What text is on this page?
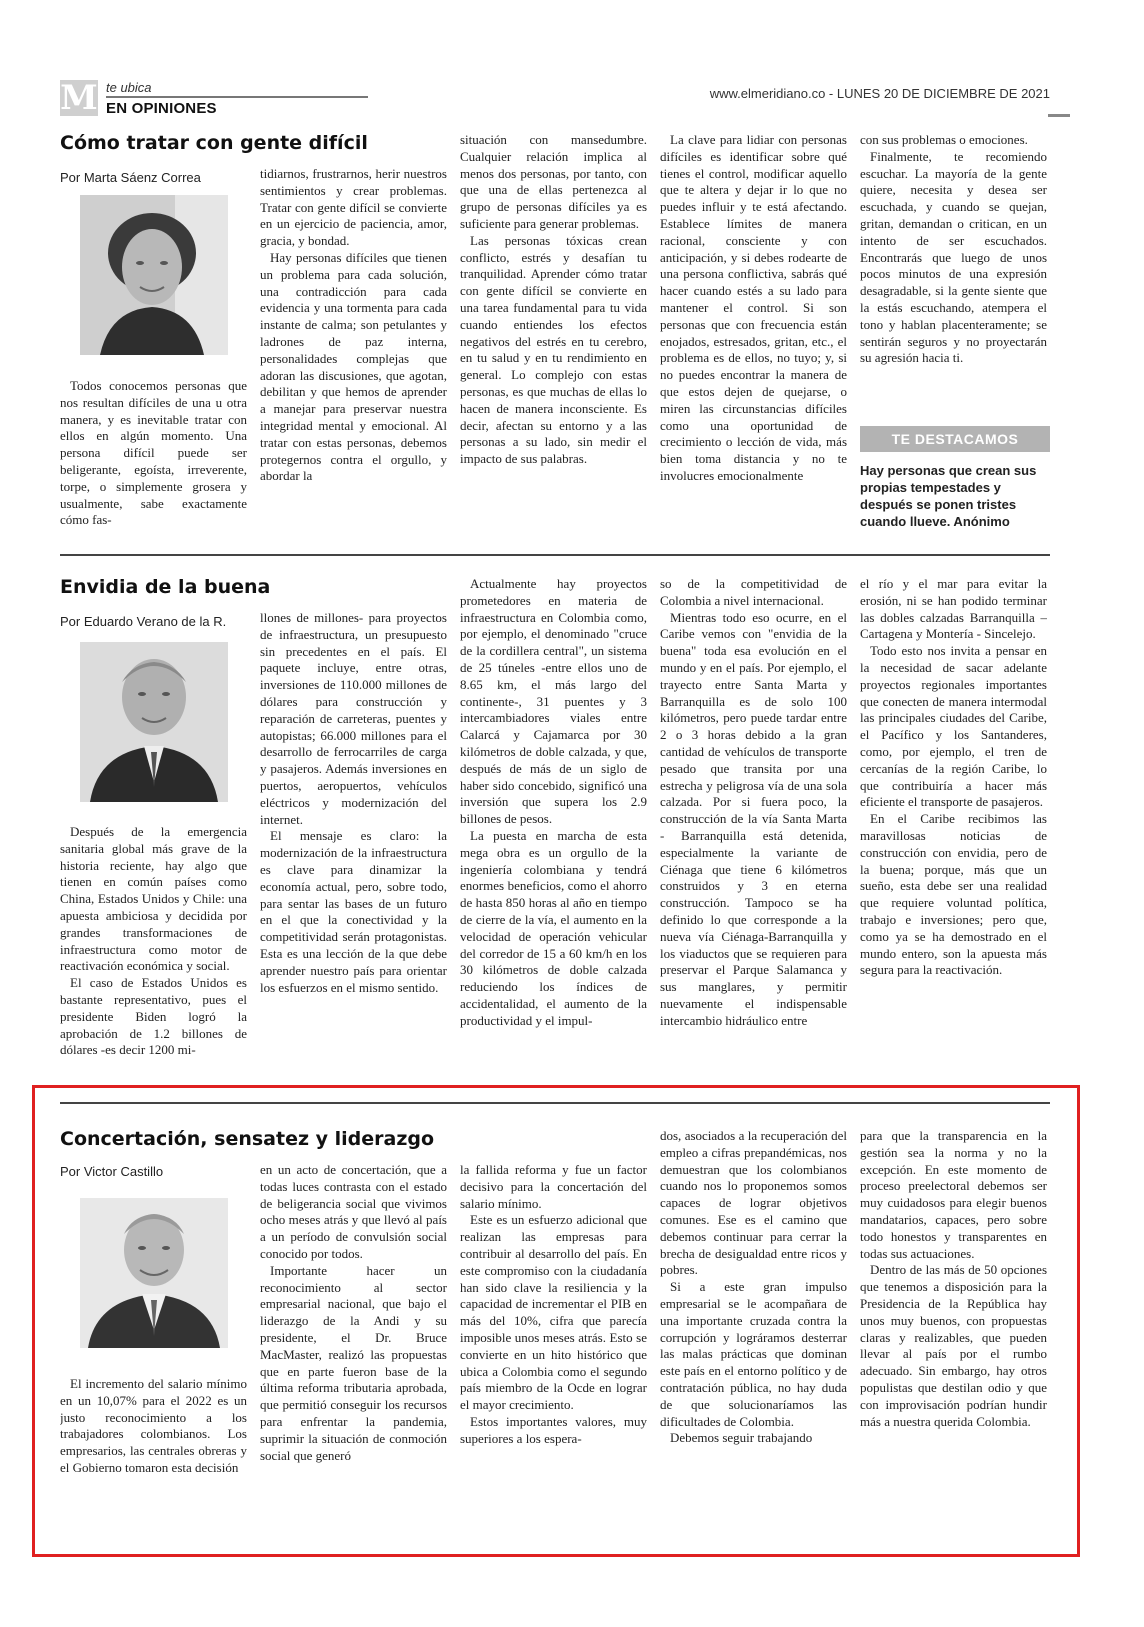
M te ubica
EN OPINIONES
www.elmeridiano.co - LUNES 20 DE DICIEMBRE DE 2021
Cómo tratar con gente difícil
Por Marta Sáenz Correa

Todos conocemos personas que nos resultan difíciles de una u otra manera, y es inevitable tratar con ellos en algún momento. Una persona difícil puede ser beligerante, egoísta, irreverente, torpe, o simplemente grosera y usualmente, sabe exactamente cómo fas-

tidiarnos, frustrarnos, herir nuestros sentimientos y crear problemas. Tratar con gente difícil se convierte en un ejercicio de paciencia, amor, gracia, y bondad.

Hay personas difíciles que tienen un problema para cada solución, una contradicción para cada evidencia y una tormenta para cada instante de calma; son petulantes y ladrones de paz interna, personalidades complejas que adoran las discusiones, que agotan, debilitan y que hemos de aprender a manejar para preservar nuestra integridad mental y emocional. Al tratar con estas personas, debemos protegernos contra el orgullo, y abordar la

situación con mansedumbre. Cualquier relación implica al menos dos personas, por tanto, con que una de ellas pertenezca al grupo de personas difíciles ya es suficiente para generar problemas.

Las personas tóxicas crean conflicto, estrés y desafían tu tranquilidad. Aprender cómo tratar con gente difícil se convierte en una tarea fundamental para tu vida cuando entiendes los efectos negativos del estrés en tu cerebro, en tu salud y en tu rendimiento en general. Lo complejo con estas personas, es que muchas de ellas lo hacen de manera inconsciente. Es decir, afectan su entorno y a las personas a su lado, sin medir el impacto de sus palabras.

La clave para lidiar con personas difíciles es identificar sobre qué tienes el control, modificar aquello que te altera y dejar ir lo que no puedes influir y te está afectando. Establece límites de manera racional, consciente y con anticipación, y si debes rodearte de una persona conflictiva, sabrás qué hacer cuando estés a su lado para mantener el control. Si son personas que con frecuencia están enojados, estresados, gritan, etc., el problema es de ellos, no tuyo; y, si no puedes encontrar la manera de que estos dejen de quejarse, o miren las circunstancias difíciles como una oportunidad de crecimiento o lección de vida, más bien toma distancia y no te involucres emocionalmente

con sus problemas o emociones.

Finalmente, te recomiendo escuchar. La mayoría de la gente quiere, necesita y desea ser escuchada, y cuando se quejan, gritan, demandan o critican, en un intento de ser escuchados. Encontrarás que luego de unos pocos minutos de una expresión desagradable, si la gente siente que la estás escuchando, atempera el tono y hablan placenteramente; se sentirán seguros y no proyectarán su agresión hacia ti.

TE DESTACAMOS
Hay personas que crean sus propias tempestades y después se ponen tristes cuando llueve. Anónimo
Envidia de la buena
Por Eduardo Verano de la R.

Después de la emergencia sanitaria global más grave de la historia reciente, hay algo que tienen en común países como China, Estados Unidos y Chile: una apuesta ambiciosa y decidida por grandes transformaciones de infraestructura como motor de reactivación económica y social.

El caso de Estados Unidos es bastante representativo, pues el presidente Biden logró la aprobación de 1.2 billones de dólares -es decir 1200 mi-

llones de millones- para proyectos de infraestructura, un presupuesto sin precedentes en el país. El paquete incluye, entre otras, inversiones de 110.000 millones de dólares para construcción y reparación de carreteras, puentes y autopistas; 66.000 millones para el desarrollo de ferrocarriles de carga y pasajeros. Además inversiones en puertos, aeropuertos, vehículos eléctricos y modernización del internet.

El mensaje es claro: la modernización de la infraestructura es clave para dinamizar la economía actual, pero, sobre todo, para sentar las bases de un futuro en el que la conectividad y la competitividad serán protagonistas. Esta es una lección de la que debe aprender nuestro país para orientar los esfuerzos en el mismo sentido.

Actualmente hay proyectos prometedores en materia de infraestructura en Colombia como, por ejemplo, el denominado "cruce de la cordillera central", un sistema de 25 túneles -entre ellos uno de 8.65 km, el más largo del continente-, 31 puentes y 3 intercambiadores viales entre Calarcá y Cajamarca por 30 kilómetros de doble calzada, y que, después de más de un siglo de haber sido concebido, significó una inversión que supera los 2.9 billones de pesos.

La puesta en marcha de esta mega obra es un orgullo de la ingeniería colombiana y tendrá enormes beneficios, como el ahorro de hasta 850 horas al año en tiempo de cierre de la vía, el aumento en la velocidad de operación vehicular del corredor de 15 a 60 km/h en los 30 kilómetros de doble calzada reduciendo los índices de accidentalidad, el aumento de la productividad y el impul-

so de la competitividad de Colombia a nivel internacional.

Mientras todo eso ocurre, en el Caribe vemos con "envidia de la buena" toda esa evolución en el mundo y en el país. Por ejemplo, el trayecto entre Santa Marta y Barranquilla es de solo 100 kilómetros, pero puede tardar entre 2 o 3 horas debido a la gran cantidad de vehículos de transporte pesado que transita por una estrecha y peligrosa vía de una sola calzada. Por si fuera poco, la construcción de la vía Santa Marta - Barranquilla está detenida, especialmente la variante de Ciénaga que tiene 6 kilómetros construidos y 3 en eterna construcción. Tampoco se ha definido lo que corresponde a la nueva vía Ciénaga-Barranquilla y los viaductos que se requieren para preservar el Parque Salamanca y sus manglares, y permitir nuevamente el indispensable intercambio hidráulico entre

el río y el mar para evitar la erosión, ni se han podido terminar las dobles calzadas Barranquilla – Cartagena y Montería - Sincelejo.

Todo esto nos invita a pensar en la necesidad de sacar adelante proyectos regionales importantes que conecten de manera intermodal las principales ciudades del Caribe, el Pacífico y los Santanderes, como, por ejemplo, el tren de cercanías de la región Caribe, lo que contribuiría a hacer más eficiente el transporte de pasajeros.

En el Caribe recibimos las maravillosas noticias de construcción con envidia, pero de la buena; porque, más que un sueño, esta debe ser una realidad que requiere voluntad política, trabajo e inversiones; pero que, como ya se ha demostrado en el mundo entero, son la apuesta más segura para la reactivación.

Concertación, sensatez y liderazgo
Por Victor Castillo

El incremento del salario mínimo en un 10,07% para el 2022 es un justo reconocimiento a los trabajadores colombianos. Los empresarios, las centrales obreras y el Gobierno tomaron esta decisión

en un acto de concertación, que a todas luces contrasta con el estado de beligerancia social que vivimos ocho meses atrás y que llevó al país a un período de convulsión social conocido por todos.

Importante hacer un reconocimiento al sector empresarial nacional, que bajo el liderazgo de la Andi y su presidente, el Dr. Bruce MacMaster, realizó las propuestas que en parte fueron base de la última reforma tributaria aprobada, que permitió conseguir los recursos para enfrentar la pandemia, suprimir la situación de conmoción social que generó

la fallida reforma y fue un factor decisivo para la concertación del salario mínimo.

Este es un esfuerzo adicional que realizan las empresas para contribuir al desarrollo del país. En este compromiso con la ciudadanía han sido clave la resiliencia y la capacidad de incrementar el PIB en más del 10%, cifra que parecía imposible unos meses atrás. Esto se convierte en un hito histórico que ubica a Colombia como el segundo país miembro de la Ocde en lograr el mayor crecimiento.

Estos importantes valores, muy superiores a los espera-

dos, asociados a la recuperación del empleo a cifras prepandémicas, nos demuestran que los colombianos cuando nos lo proponemos somos capaces de lograr objetivos comunes. Ese es el camino que debemos continuar para cerrar la brecha de desigualdad entre ricos y pobres.

Si a este gran impulso empresarial se le acompañara de una importante cruzada contra la corrupción y lográramos desterrar las malas prácticas que dominan este país en el entorno político y de contratación pública, no hay duda de que solucionaríamos las dificultades de Colombia.

Debemos seguir trabajando

para que la transparencia en la gestión sea la norma y no la excepción. En este momento de proceso preelectoral debemos ser muy cuidadosos para elegir buenos mandatarios, capaces, pero sobre todo honestos y transparentes en todas sus actuaciones.

Dentro de las más de 50 opciones que tenemos a disposición para la Presidencia de la República hay unos muy buenos, con propuestas claras y realizables, que pueden llevar al país por el rumbo adecuado. Sin embargo, hay otros populistas que destilan odio y que con improvisación podrían hundir más a nuestra querida Colombia.
